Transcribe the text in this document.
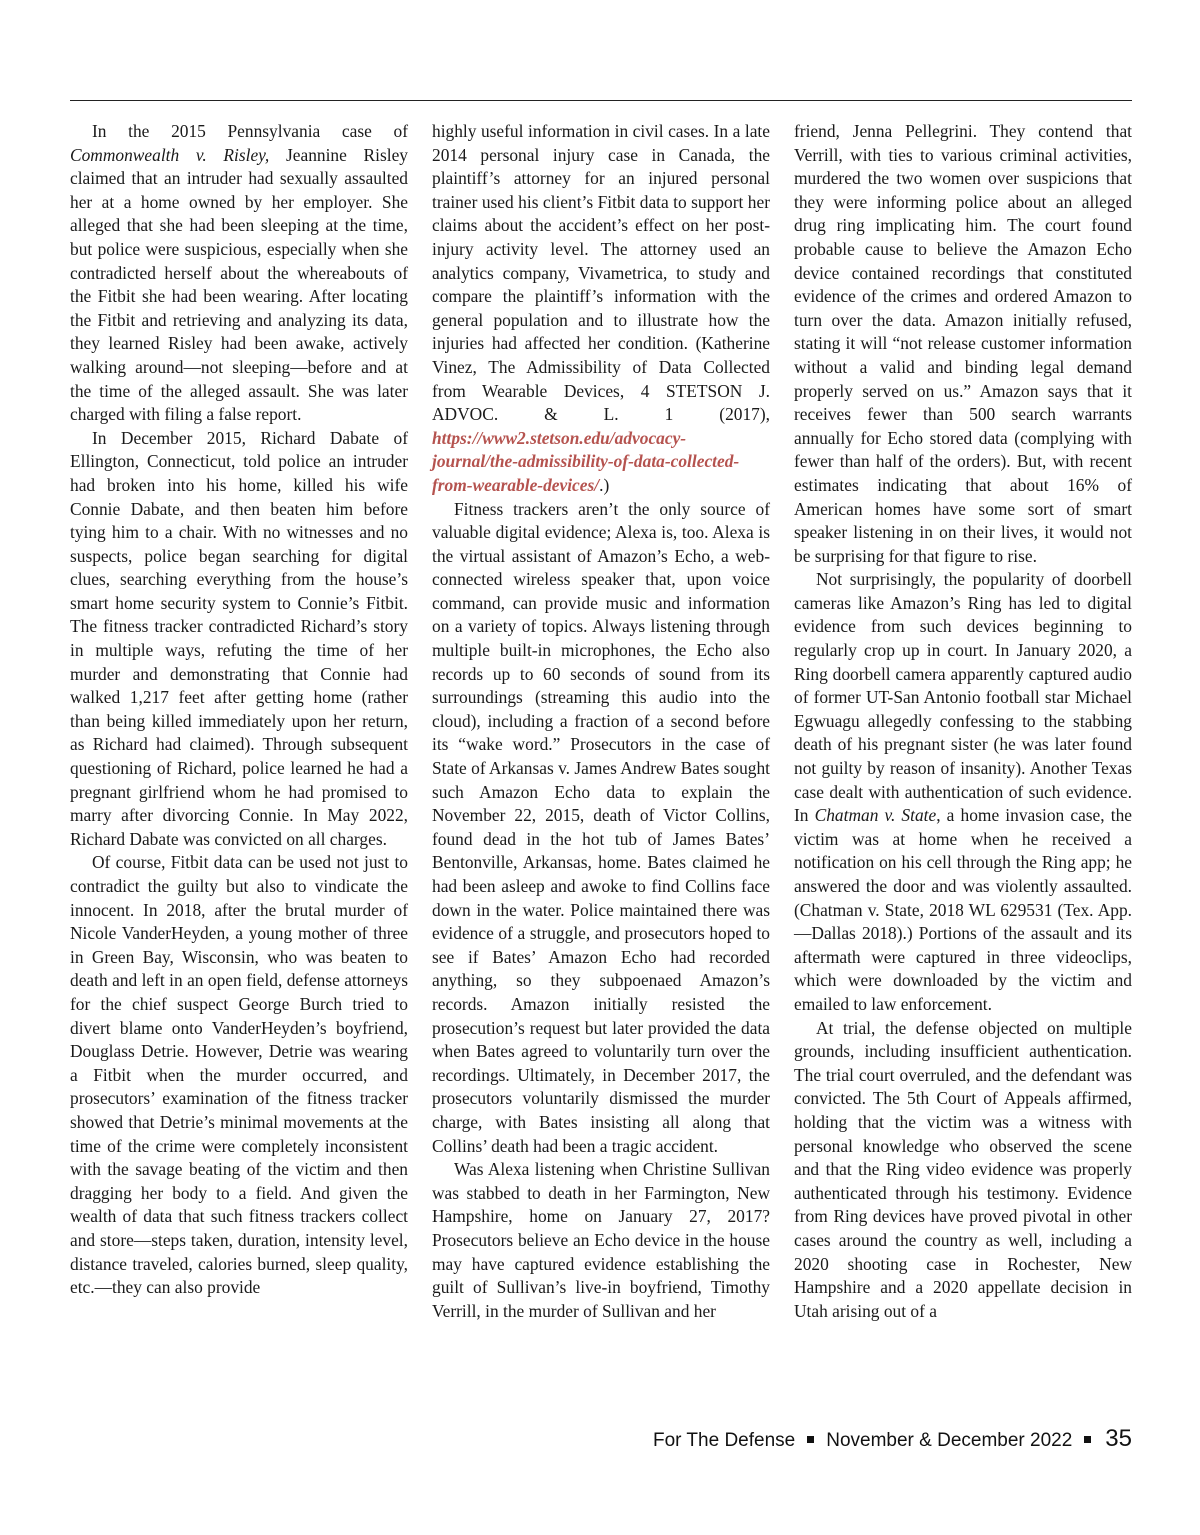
In the 2015 Pennsylvania case of Commonwealth v. Risley, Jeannine Risley claimed that an intruder had sexually assaulted her at a home owned by her employer. She alleged that she had been sleeping at the time, but police were suspicious, especially when she contradicted herself about the whereabouts of the Fitbit she had been wearing. After locating the Fitbit and retrieving and analyzing its data, they learned Risley had been awake, actively walking around—not sleeping—before and at the time of the alleged assault. She was later charged with filing a false report.

In December 2015, Richard Dabate of Ellington, Connecticut, told police an intruder had broken into his home, killed his wife Connie Dabate, and then beaten him before tying him to a chair. With no witnesses and no suspects, police began searching for digital clues, searching everything from the house’s smart home security system to Connie’s Fitbit. The fitness tracker contradicted Richard’s story in multiple ways, refuting the time of her murder and demonstrating that Connie had walked 1,217 feet after getting home (rather than being killed immediately upon her return, as Richard had claimed). Through subsequent questioning of Richard, police learned he had a pregnant girlfriend whom he had promised to marry after divorcing Connie. In May 2022, Richard Dabate was convicted on all charges.

Of course, Fitbit data can be used not just to contradict the guilty but also to vindicate the innocent. In 2018, after the brutal murder of Nicole VanderHeyden, a young mother of three in Green Bay, Wisconsin, who was beaten to death and left in an open field, defense attorneys for the chief suspect George Burch tried to divert blame onto VanderHeyden’s boyfriend, Douglass Detrie. However, Detrie was wearing a Fitbit when the murder occurred, and prosecutors’ examination of the fitness tracker showed that Detrie’s minimal movements at the time of the crime were completely inconsistent with the savage beating of the victim and then dragging her body to a field. And given the wealth of data that such fitness trackers collect and store—steps taken, duration, intensity level, distance traveled, calories burned, sleep quality, etc.—they can also provide

highly useful information in civil cases. In a late 2014 personal injury case in Canada, the plaintiff’s attorney for an injured personal trainer used his client’s Fitbit data to support her claims about the accident’s effect on her post-injury activity level. The attorney used an analytics company, Vivametrica, to study and compare the plaintiff’s information with the general population and to illustrate how the injuries had affected her condition. (Katherine Vinez, The Admissibility of Data Collected from Wearable Devices, 4 STETSON J. ADVOC. & L. 1 (2017), https://www2.stetson.edu/advocacy-journal/the-admissibility-of-data-collected-from-wearable-devices/.)

Fitness trackers aren’t the only source of valuable digital evidence; Alexa is, too. Alexa is the virtual assistant of Amazon’s Echo, a web-connected wireless speaker that, upon voice command, can provide music and information on a variety of topics. Always listening through multiple built-in microphones, the Echo also records up to 60 seconds of sound from its surroundings (streaming this audio into the cloud), including a fraction of a second before its “wake word.” Prosecutors in the case of State of Arkansas v. James Andrew Bates sought such Amazon Echo data to explain the November 22, 2015, death of Victor Collins, found dead in the hot tub of James Bates’ Bentonville, Arkansas, home. Bates claimed he had been asleep and awoke to find Collins face down in the water. Police maintained there was evidence of a struggle, and prosecutors hoped to see if Bates’ Amazon Echo had recorded anything, so they subpoenaed Amazon’s records. Amazon initially resisted the prosecution’s request but later provided the data when Bates agreed to voluntarily turn over the recordings. Ultimately, in December 2017, the prosecutors voluntarily dismissed the murder charge, with Bates insisting all along that Collins’ death had been a tragic accident.

Was Alexa listening when Christine Sullivan was stabbed to death in her Farmington, New Hampshire, home on January 27, 2017? Prosecutors believe an Echo device in the house may have captured evidence establishing the guilt of Sullivan’s live-in boyfriend, Timothy Verrill, in the murder of Sullivan and her

friend, Jenna Pellegrini. They contend that Verrill, with ties to various criminal activities, murdered the two women over suspicions that they were informing police about an alleged drug ring implicating him. The court found probable cause to believe the Amazon Echo device contained recordings that constituted evidence of the crimes and ordered Amazon to turn over the data. Amazon initially refused, stating it will “not release customer information without a valid and binding legal demand properly served on us.” Amazon says that it receives fewer than 500 search warrants annually for Echo stored data (complying with fewer than half of the orders). But, with recent estimates indicating that about 16% of American homes have some sort of smart speaker listening in on their lives, it would not be surprising for that figure to rise.

Not surprisingly, the popularity of doorbell cameras like Amazon’s Ring has led to digital evidence from such devices beginning to regularly crop up in court. In January 2020, a Ring doorbell camera apparently captured audio of former UT-San Antonio football star Michael Egwuagu allegedly confessing to the stabbing death of his pregnant sister (he was later found not guilty by reason of insanity). Another Texas case dealt with authentication of such evidence. In Chatman v. State, a home invasion case, the victim was at home when he received a notification on his cell through the Ring app; he answered the door and was violently assaulted. (Chatman v. State, 2018 WL 629531 (Tex. App.—Dallas 2018).) Portions of the assault and its aftermath were captured in three videoclips, which were downloaded by the victim and emailed to law enforcement.

At trial, the defense objected on multiple grounds, including insufficient authentication. The trial court overruled, and the defendant was convicted. The 5th Court of Appeals affirmed, holding that the victim was a witness with personal knowledge who observed the scene and that the Ring video evidence was properly authenticated through his testimony. Evidence from Ring devices have proved pivotal in other cases around the country as well, including a 2020 shooting case in Rochester, New Hampshire and a 2020 appellate decision in Utah arising out of a

For The Defense November & December 2022 35
